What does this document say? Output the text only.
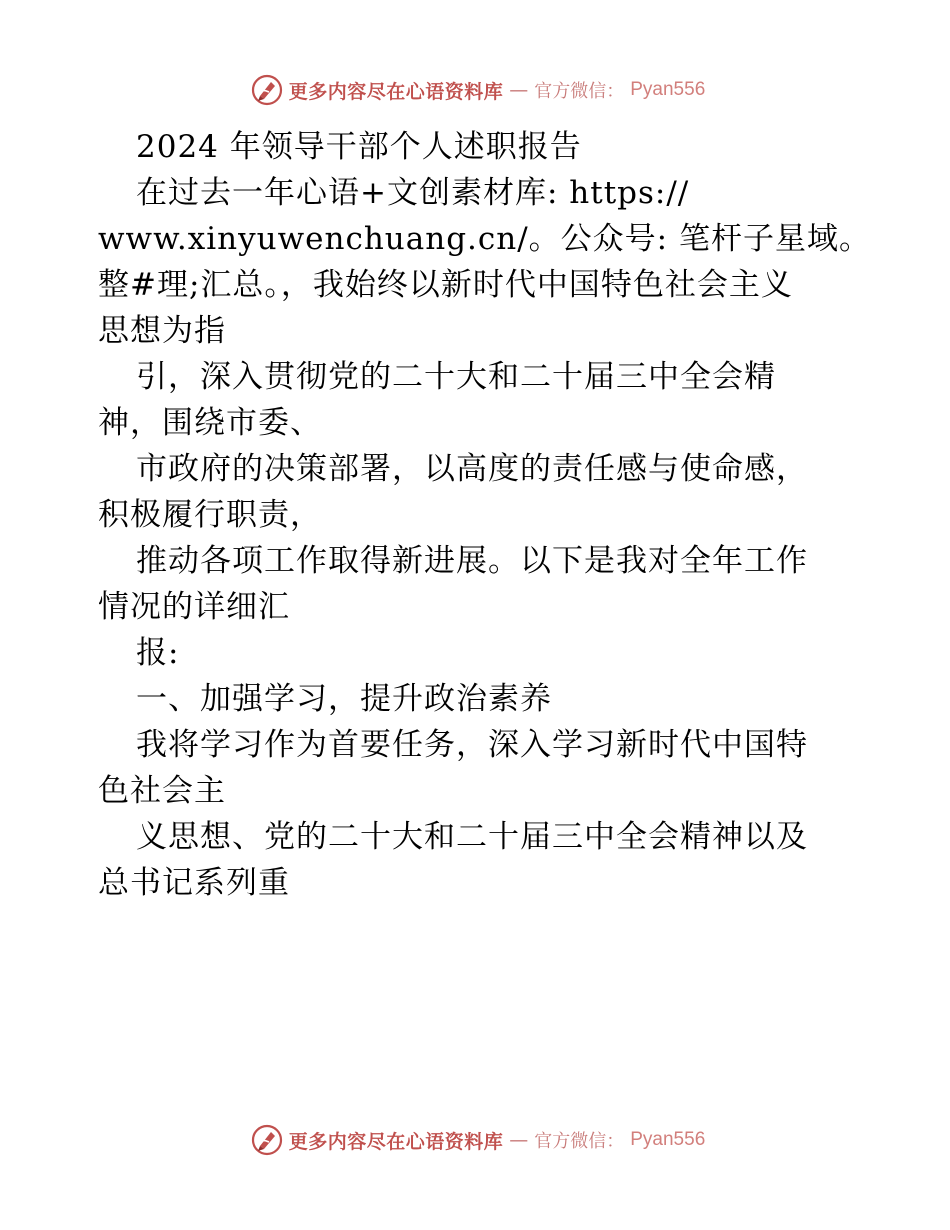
更多内容尽在心语资料库 — 官方微信： Pyan556
2024 年领导干部个人述职报告
在过去一年心语+文创素材库: https://
www.xinyuwenchuang.cn/。公众号: 笔杆子星域。
整#理;汇总。，我始终以新时代中国特色社会主义
思想为指
引，深入贯彻党的二十大和二十届三中全会精
神，围绕市委、
市政府的决策部署，以高度的责任感与使命感，
积极履行职责，
推动各项工作取得新进展。以下是我对全年工作
情况的详细汇
报:
一、加强学习，提升政治素养
我将学习作为首要任务，深入学习新时代中国特
色社会主
义思想、党的二十大和二十届三中全会精神以及
总书记系列重
更多内容尽在心语资料库 — 官方微信： Pyan556
